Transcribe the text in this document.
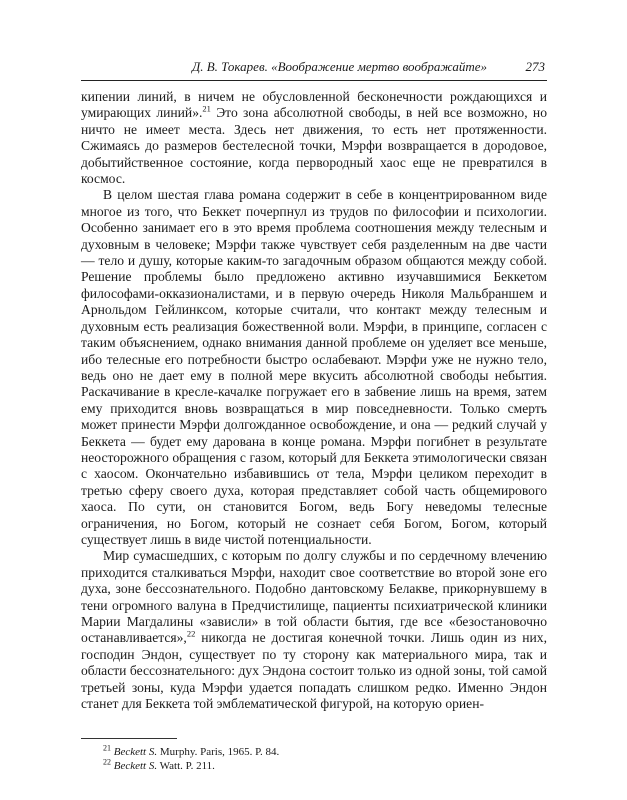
Д. В. Токарев. «Воображение мертво воображайте»	273

кипении линий, в ничем не обусловленной бесконечности рождающихся и умирающих линий».$^{21}$ Это зона абсолютной свободы, в ней все возможно, но ничто не имеет места. Здесь нет движения, то есть нет протяженности. Сжимаясь до размеров бестелесной точки, Мэрфи возвращается в дородовое, добытийственное состояние, когда первородный хаос еще не превратился в космос.

В целом шестая глава романа содержит в себе в концентрированном виде многое из того, что Беккет почерпнул из трудов по философии и психологии. Особенно занимает его в это время проблема соотношения между телесным и духовным в человеке; Мэрфи также чувствует себя разделенным на две части — тело и душу, которые каким-то загадочным образом общаются между собой. Решение проблемы было предложено активно изучавшимися Беккетом философами-окказионалистами, и в первую очередь Николя Мальбраншем и Арнольдом Гейлинксом, которые считали, что контакт между телесным и духовным есть реализация божественной воли. Мэрфи, в принципе, согласен с таким объяснением, однако внимания данной проблеме он уделяет все меньше, ибо телесные его потребности быстро ослабевают. Мэрфи уже не нужно тело, ведь оно не дает ему в полной мере вкусить абсолютной свободы небытия. Раскачивание в кресле-качалке погружает его в забвение лишь на время, затем ему приходится вновь возвращаться в мир повседневности. Только смерть может принести Мэрфи долгожданное освобождение, и она — редкий случай у Беккета — будет ему дарована в конце романа. Мэрфи погибнет в результате неосторожного обращения с газом, который для Беккета этимологически связан с хаосом. Окончательно избавившись от тела, Мэрфи целиком переходит в третью сферу своего духа, которая представляет собой часть общемирового хаоса. По сути, он становится Богом, ведь Богу неведомы телесные ограничения, но Богом, который не сознает себя Богом, Богом, который существует лишь в виде чистой потенциальности.

Мир сумасшедших, с которым по долгу службы и по сердечному влечению приходится сталкиваться Мэрфи, находит свое соответствие во второй зоне его духа, зоне бессознательного. Подобно дантовскому Белакве, прикорнувшему в тени огромного валуна в Предчистилище, пациенты психиатрической клиники Марии Магдалины «зависли» в той области бытия, где все «безостановочно останавливается»,$^{22}$ никогда не достигая конечной точки. Лишь один из них, господин Эндон, существует по ту сторону как материального мира, так и области бессознательного: дух Эндона состоит только из одной зоны, той самой третьей зоны, куда Мэрфи удается попадать слишком редко. Именно Эндон станет для Беккета той эмблематической фигурой, на которую ориен-

$^{21}$ Beckett S. Murphy. Paris, 1965. P. 84.
$^{22}$ Beckett S. Watt. P. 211.
